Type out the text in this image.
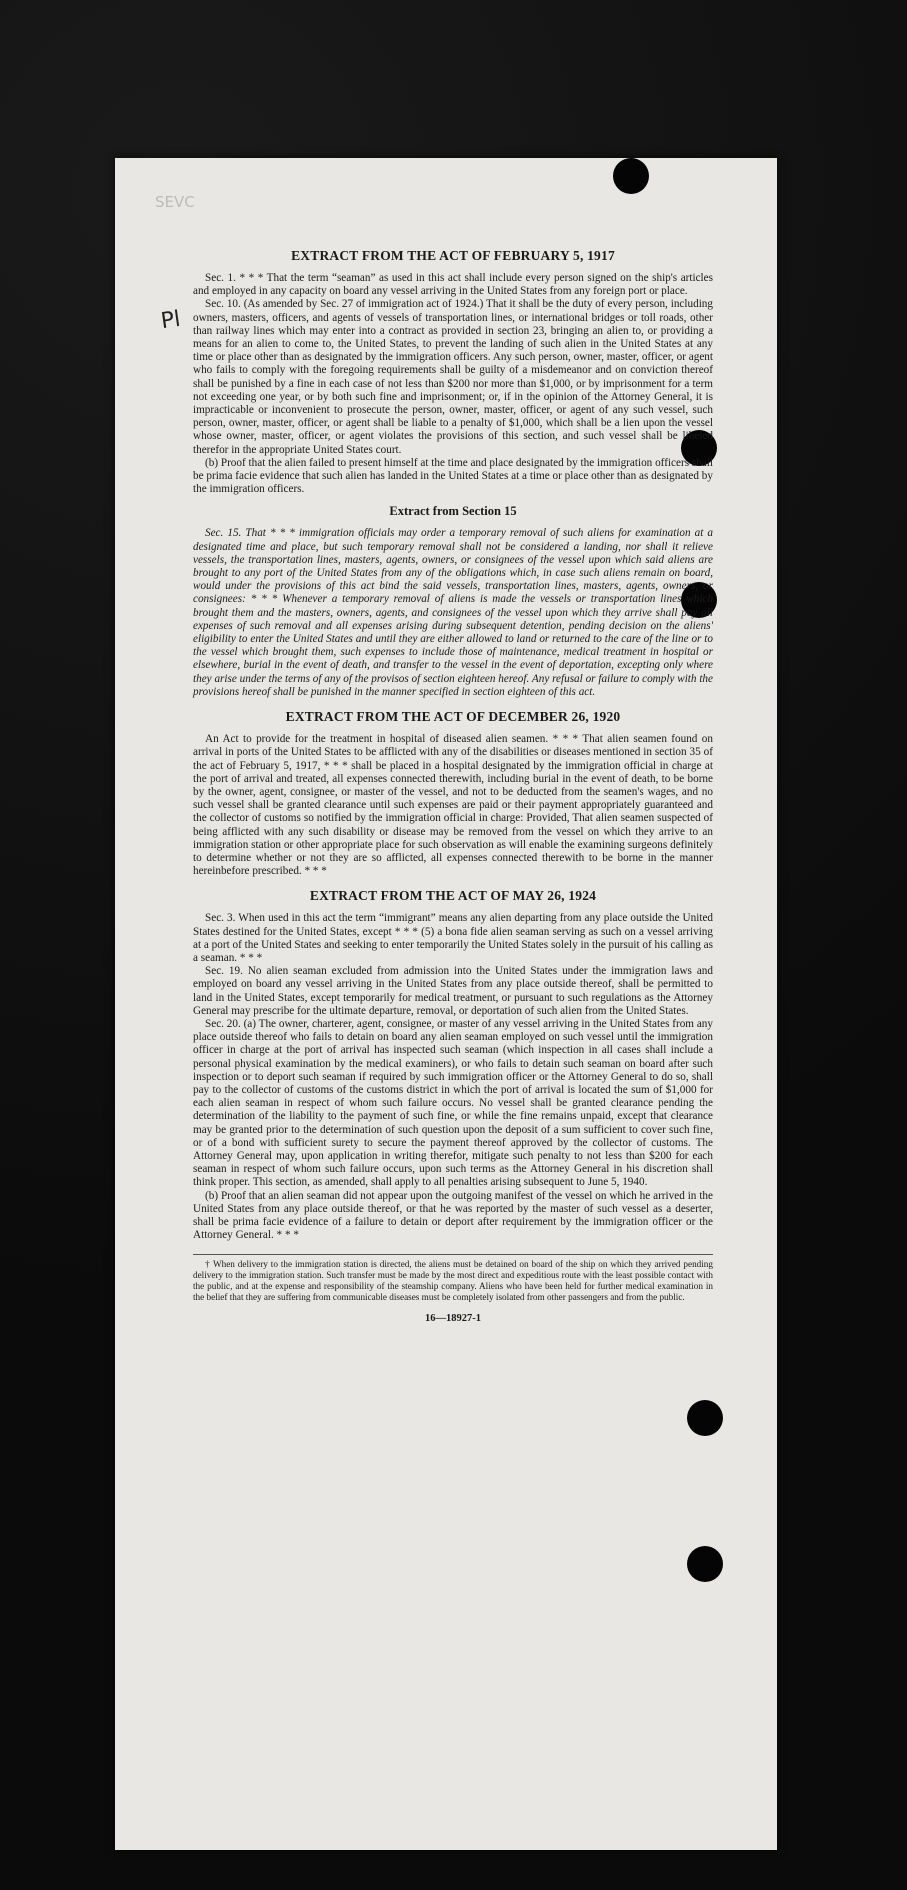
SEVC
Pl
EXTRACT FROM THE ACT OF FEBRUARY 5, 1917

Sec. 1. * * * That the term “seaman” as used in this act shall include every person signed on the ship's articles and employed in any capacity on board any vessel arriving in the United States from any foreign port or place.

Sec. 10. (As amended by Sec. 27 of immigration act of 1924.) That it shall be the duty of every person, including owners, masters, officers, and agents of vessels of transportation lines, or international bridges or toll roads, other than railway lines which may enter into a contract as provided in section 23, bringing an alien to, or providing a means for an alien to come to, the United States, to prevent the landing of such alien in the United States at any time or place other than as designated by the immigration officers. Any such person, owner, master, officer, or agent who fails to comply with the foregoing requirements shall be guilty of a misdemeanor and on conviction thereof shall be punished by a fine in each case of not less than $200 nor more than $1,000, or by imprisonment for a term not exceeding one year, or by both such fine and imprisonment; or, if in the opinion of the Attorney General, it is impracticable or inconvenient to prosecute the person, owner, master, officer, or agent of any such vessel, such person, owner, master, officer, or agent shall be liable to a penalty of $1,000, which shall be a lien upon the vessel whose owner, master, officer, or agent violates the provisions of this section, and such vessel shall be libeled therefor in the appropriate United States court.

(b) Proof that the alien failed to present himself at the time and place designated by the immigration officers shall be prima facie evidence that such alien has landed in the United States at a time or place other than as designated by the immigration officers.

Extract from Section 15

Sec. 15. That * * * immigration officials may order a temporary removal of such aliens for examination at a designated time and place, but such temporary removal shall not be considered a landing, nor shall it relieve vessels, the transportation lines, masters, agents, owners, or consignees of the vessel upon which said aliens are brought to any port of the United States from any of the obligations which, in case such aliens remain on board, would under the provisions of this act bind the said vessels, transportation lines, masters, agents, owners, or consignees: * * * Whenever a temporary removal of aliens is made the vessels or transportation lines which brought them and the masters, owners, agents, and consignees of the vessel upon which they arrive shall pay all expenses of such removal and all expenses arising during subsequent detention, pending decision on the aliens' eligibility to enter the United States and until they are either allowed to land or returned to the care of the line or to the vessel which brought them, such expenses to include those of maintenance, medical treatment in hospital or elsewhere, burial in the event of death, and transfer to the vessel in the event of deportation, excepting only where they arise under the terms of any of the provisos of section eighteen hereof. Any refusal or failure to comply with the provisions hereof shall be punished in the manner specified in section eighteen of this act.

EXTRACT FROM THE ACT OF DECEMBER 26, 1920

An Act to provide for the treatment in hospital of diseased alien seamen. * * * That alien seamen found on arrival in ports of the United States to be afflicted with any of the disabilities or diseases mentioned in section 35 of the act of February 5, 1917, * * * shall be placed in a hospital designated by the immigration official in charge at the port of arrival and treated, all expenses connected therewith, including burial in the event of death, to be borne by the owner, agent, consignee, or master of the vessel, and not to be deducted from the seamen's wages, and no such vessel shall be granted clearance until such expenses are paid or their payment appropriately guaranteed and the collector of customs so notified by the immigration official in charge: Provided, That alien seamen suspected of being afflicted with any such disability or disease may be removed from the vessel on which they arrive to an immigration station or other appropriate place for such observation as will enable the examining surgeons definitely to determine whether or not they are so afflicted, all expenses connected therewith to be borne in the manner hereinbefore prescribed. * * *

EXTRACT FROM THE ACT OF MAY 26, 1924

Sec. 3. When used in this act the term “immigrant” means any alien departing from any place outside the United States destined for the United States, except * * * (5) a bona fide alien seaman serving as such on a vessel arriving at a port of the United States and seeking to enter temporarily the United States solely in the pursuit of his calling as a seaman. * * *

Sec. 19. No alien seaman excluded from admission into the United States under the immigration laws and employed on board any vessel arriving in the United States from any place outside thereof, shall be permitted to land in the United States, except temporarily for medical treatment, or pursuant to such regulations as the Attorney General may prescribe for the ultimate departure, removal, or deportation of such alien from the United States.

Sec. 20. (a) The owner, charterer, agent, consignee, or master of any vessel arriving in the United States from any place outside thereof who fails to detain on board any alien seaman employed on such vessel until the immigration officer in charge at the port of arrival has inspected such seaman (which inspection in all cases shall include a personal physical examination by the medical examiners), or who fails to detain such seaman on board after such inspection or to deport such seaman if required by such immigration officer or the Attorney General to do so, shall pay to the collector of customs of the customs district in which the port of arrival is located the sum of $1,000 for each alien seaman in respect of whom such failure occurs. No vessel shall be granted clearance pending the determination of the liability to the payment of such fine, or while the fine remains unpaid, except that clearance may be granted prior to the determination of such question upon the deposit of a sum sufficient to cover such fine, or of a bond with sufficient surety to secure the payment thereof approved by the collector of customs. The Attorney General may, upon application in writing therefor, mitigate such penalty to not less than $200 for each seaman in respect of whom such failure occurs, upon such terms as the Attorney General in his discretion shall think proper. This section, as amended, shall apply to all penalties arising subsequent to June 5, 1940.

(b) Proof that an alien seaman did not appear upon the outgoing manifest of the vessel on which he arrived in the United States from any place outside thereof, or that he was reported by the master of such vessel as a deserter, shall be prima facie evidence of a failure to detain or deport after requirement by the immigration officer or the Attorney General. * * *

† When delivery to the immigration station is directed, the aliens must be detained on board of the ship on which they arrived pending delivery to the immigration station. Such transfer must be made by the most direct and expeditious route with the least possible contact with the public, and at the expense and responsibility of the steamship company. Aliens who have been held for further medical examination in the belief that they are suffering from communicable diseases must be completely isolated from other passengers and from the public.

16—18927-1
